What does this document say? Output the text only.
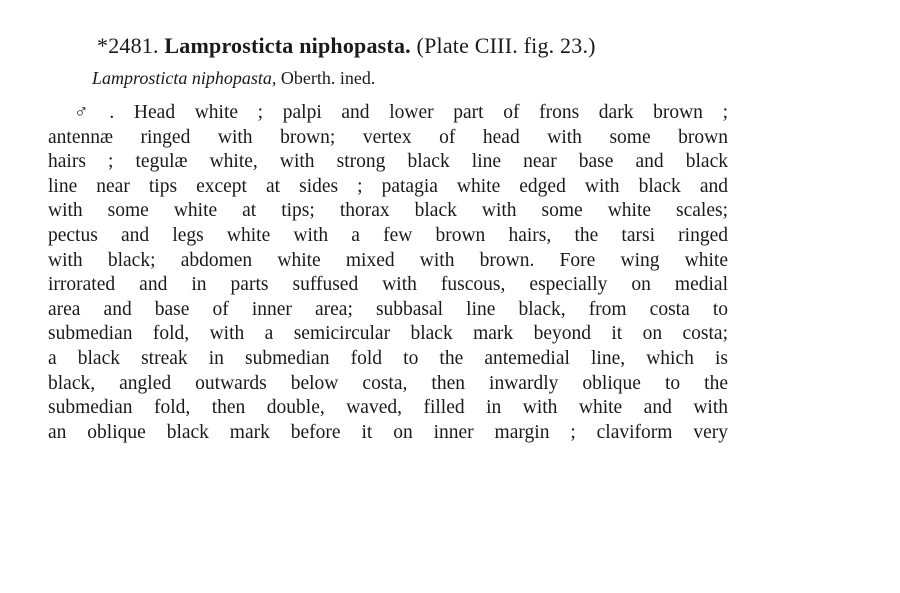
*2481. Lamprosticta niphopasta. (Plate CIII. fig. 23.)
Lamprosticta niphopasta, Oberth. ined.
♂ . Head white ; palpi and lower part of frons dark brown ;
antennæ ringed with brown; vertex of head with some brown
hairs ; tegulæ white, with strong black line near base and black
line near tips except at sides ; patagia white edged with black and
with some white at tips; thorax black with some white scales;
pectus and legs white with a few brown hairs, the tarsi ringed
with black; abdomen white mixed with brown. Fore wing white
irrorated and in parts suffused with fuscous, especially on medial
area and base of inner area; subbasal line black, from costa to
submedian fold, with a semicircular black mark beyond it on costa;
a black streak in submedian fold to the antemedial line, which is
black, angled outwards below costa, then inwardly oblique to the
submedian fold, then double, waved, filled in with white and with
an oblique black mark before it on inner margin ; claviform very
